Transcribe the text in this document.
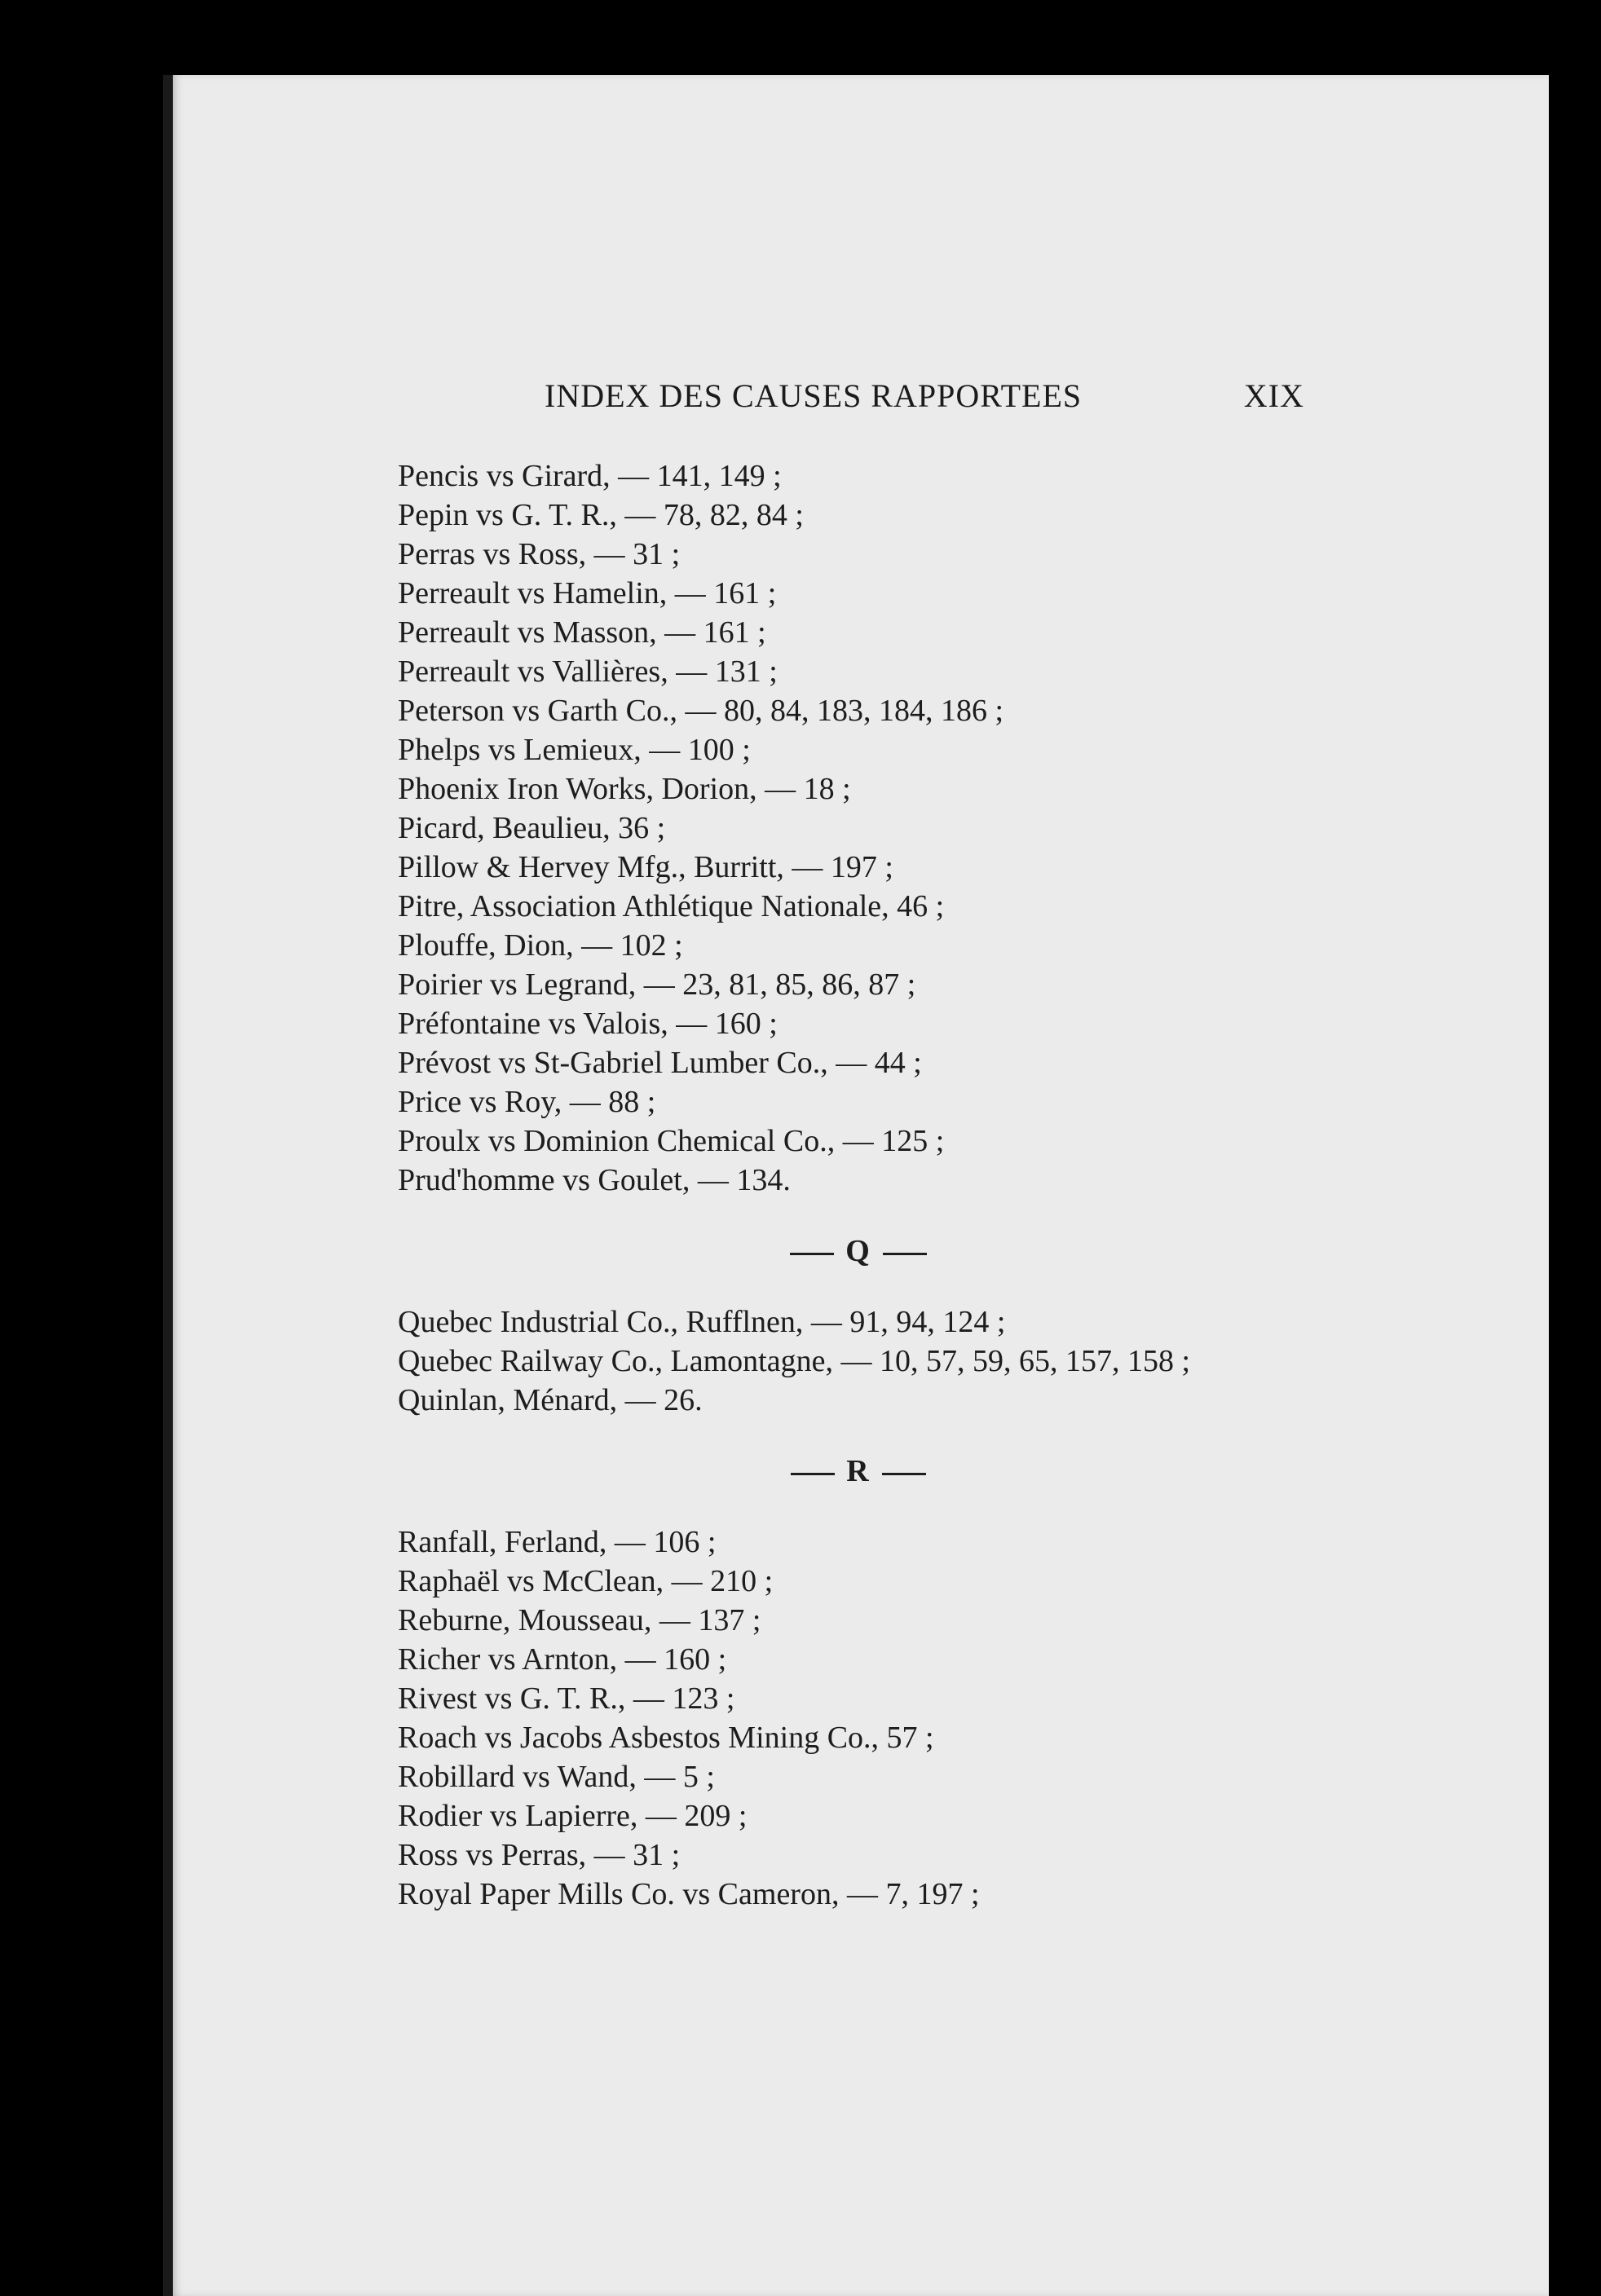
INDEX DES CAUSES RAPPORTEES	XIX
Pencis vs Girard, — 141, 149 ;
Pepin vs G. T. R., — 78, 82, 84 ;
Perras vs Ross, — 31 ;
Perreault vs Hamelin, — 161 ;
Perreault vs Masson, — 161 ;
Perreault vs Vallières, — 131 ;
Peterson vs Garth Co., — 80, 84, 183, 184, 186 ;
Phelps vs Lemieux, — 100 ;
Phoenix Iron Works, Dorion, — 18 ;
Picard, Beaulieu, 36 ;
Pillow & Hervey Mfg., Burritt, — 197 ;
Pitre, Association Athlétique Nationale, 46 ;
Plouffe, Dion, — 102 ;
Poirier vs Legrand, — 23, 81, 85, 86, 87 ;
Préfontaine vs Valois, — 160 ;
Prévost vs St-Gabriel Lumber Co., — 44 ;
Price vs Roy, — 88 ;
Proulx vs Dominion Chemical Co., — 125 ;
Prud'homme vs Goulet, — 134.
Q
Quebec Industrial Co., Rufflnen, — 91, 94, 124 ;
Quebec Railway Co., Lamontagne, — 10, 57, 59, 65, 157, 158 ;
Quinlan, Ménard, — 26.
R
Ranfall, Ferland, — 106 ;
Raphaël vs McClean, — 210 ;
Reburne, Mousseau, — 137 ;
Richer vs Arnton, — 160 ;
Rivest vs G. T. R., — 123 ;
Roach vs Jacobs Asbestos Mining Co., 57 ;
Robillard vs Wand, — 5 ;
Rodier vs Lapierre, — 209 ;
Ross vs Perras, — 31 ;
Royal Paper Mills Co. vs Cameron, — 7, 197 ;
